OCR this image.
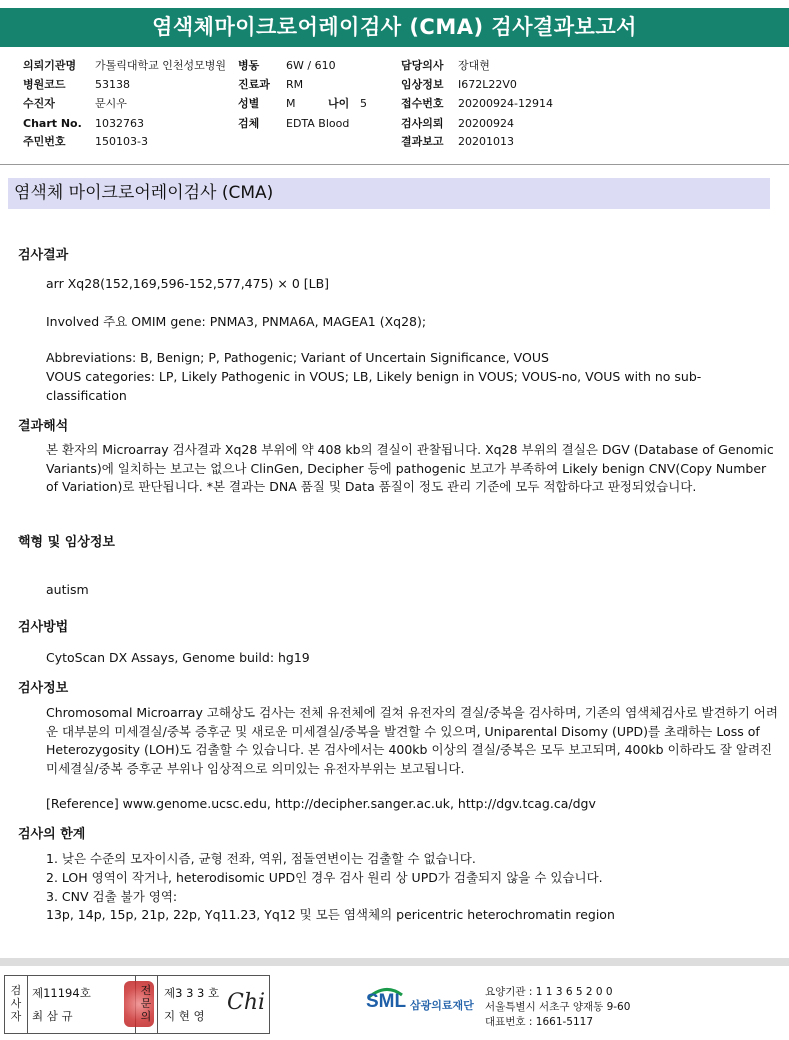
염색체마이크로어레이검사 (CMA) 검사결과보고서
의뢰기관명 가톨릭대학교 인천성모병원
병원코드	53138
수진자	문시우
Chart No. 1032763
주민번호	150103-3
병동 6W / 610
진료과 RM
성별 M	나이 5
검체 EDTA Blood
담당의사 장대현
임상정보 I672L22V0
접수번호 20200924-12914
검사의뢰 20200924
결과보고 20201013
염색체 마이크로어레이검사 (CMA)
검사결과
arr Xq28(152,169,596-152,577,475) × 0 [LB]
Involved 주요 OMIM gene: PNMA3, PNMA6A, MAGEA1 (Xq28);
Abbreviations: B, Benign; P, Pathogenic; Variant of Uncertain Significance, VOUS
VOUS categories: LP, Likely Pathogenic in VOUS; LB, Likely benign in VOUS; VOUS-no, VOUS with no sub-classification
결과해석
본 환자의 Microarray 검사결과 Xq28 부위에 약 408 kb의 결실이 관찰됩니다. Xq28 부위의 결실은 DGV (Database of Genomic Variants)에 일치하는 보고는 없으나 ClinGen, Decipher 등에 pathogenic 보고가 부족하여 Likely benign CNV(Copy Number of Variation)로 판단됩니다. *본 결과는 DNA 품질 및 Data 품질이 정도 관리 기준에 모두 적합하다고 판정되었습니다.
핵형 및 임상정보
autism
검사방법
CytoScan DX Assays, Genome build: hg19
검사정보
Chromosomal Microarray 고해상도 검사는 전체 유전체에 걸쳐 유전자의 결실/중복을 검사하며, 기존의 염색체검사로 발견하기 어려운 대부분의 미세결실/중복 증후군 및 새로운 미세결실/중복을 발견할 수 있으며, Uniparental Disomy (UPD)를 초래하는 Loss of Heterozygosity (LOH)도 검출할 수 있습니다. 본 검사에서는 400kb 이상의 결실/중복은 모두 보고되며, 400kb 이하라도 잘 알려진 미세결실/중복 증후군 부위나 임상적으로 의미있는 유전자부위는 보고됩니다.
[Reference] www.genome.ucsc.edu, http://decipher.sanger.ac.uk, http://dgv.tcag.ca/dgv
검사의 한계
1. 낮은 수준의 모자이시즘, 균형 전좌, 역위, 점돌연변이는 검출할 수 없습니다.
2. LOH 영역이 작거나, heterodisomic UPD인 경우 검사 원리 상 UPD가 검출되지 않을 수 있습니다.
3. CNV 검출 불가 영역:
13p, 14p, 15p, 21p, 22p, Yq11.23, Yq12 및 모든 염색체의 pericentric heterochromatin region
검사자
제11194호
최 삼 규
전문의
제3 3 3 호
지 현 영
Chi	SML 삼광의료재단
요양기관 : 1 1 3 6 5 2 0 0
서울특별시 서초구 양재동 9-60
대표번호 : 1661-5117
